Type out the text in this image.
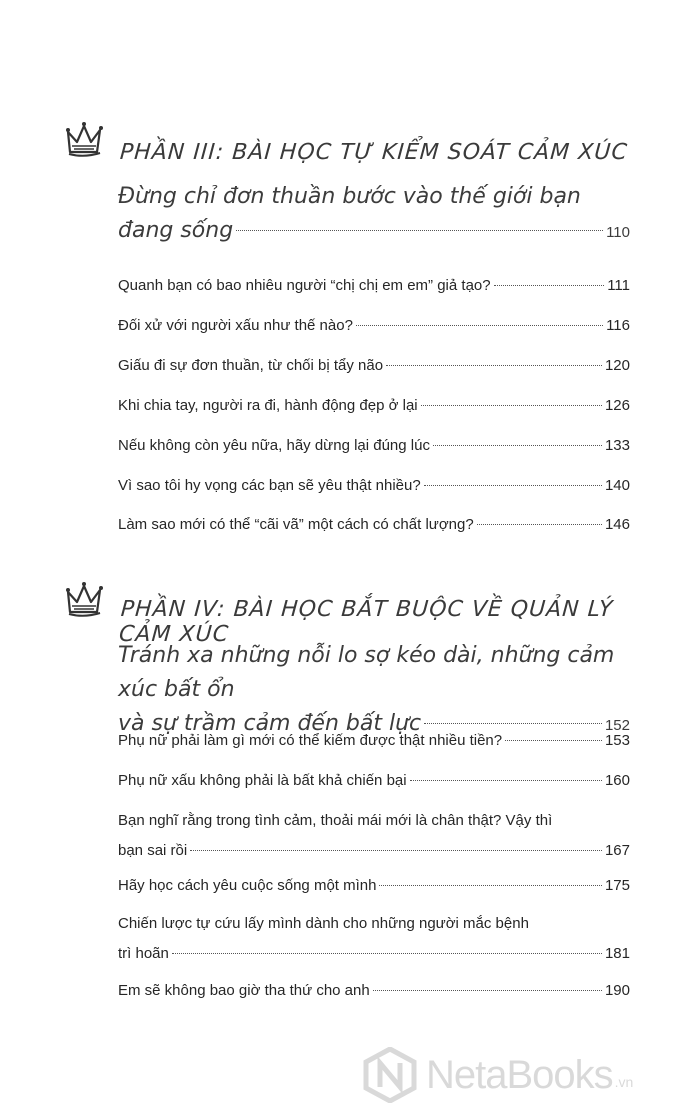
PHẦN III: BÀI HỌC TỰ KIỂM SOÁT CẢM XÚC
Đừng chỉ đơn thuần bước vào thế giới bạn
đang sống	110
Quanh bạn có bao nhiêu người “chị chị em em” giả tạo?	111
Đối xử với người xấu như thế nào?	116
Giấu đi sự đơn thuần, từ chối bị tẩy não	120
Khi chia tay, người ra đi, hành động đẹp ở lại	126
Nếu không còn yêu nữa, hãy dừng lại đúng lúc	133
Vì sao tôi hy vọng các bạn sẽ yêu thật nhiều?	140
Làm sao mới có thể “cãi vã” một cách có chất lượng?	146
PHẦN IV: BÀI HỌC BẮT BUỘC VỀ QUẢN LÝ CẢM XÚC
Tránh xa những nỗi lo sợ kéo dài, những cảm xúc bất ổn
và sự trầm cảm đến bất lực	152
Phụ nữ phải làm gì mới có thể kiếm được thật nhiều tiền?	153
Phụ nữ xấu không phải là bất khả chiến bại	160
Bạn nghĩ rằng trong tình cảm, thoải mái mới là chân thật? Vậy thì
bạn sai rồi	167
Hãy học cách yêu cuộc sống một mình	175
Chiến lược tự cứu lấy mình dành cho những người mắc bệnh
trì hoãn	181
Em sẽ không bao giờ tha thứ cho anh	190
NetaBooks .vn
